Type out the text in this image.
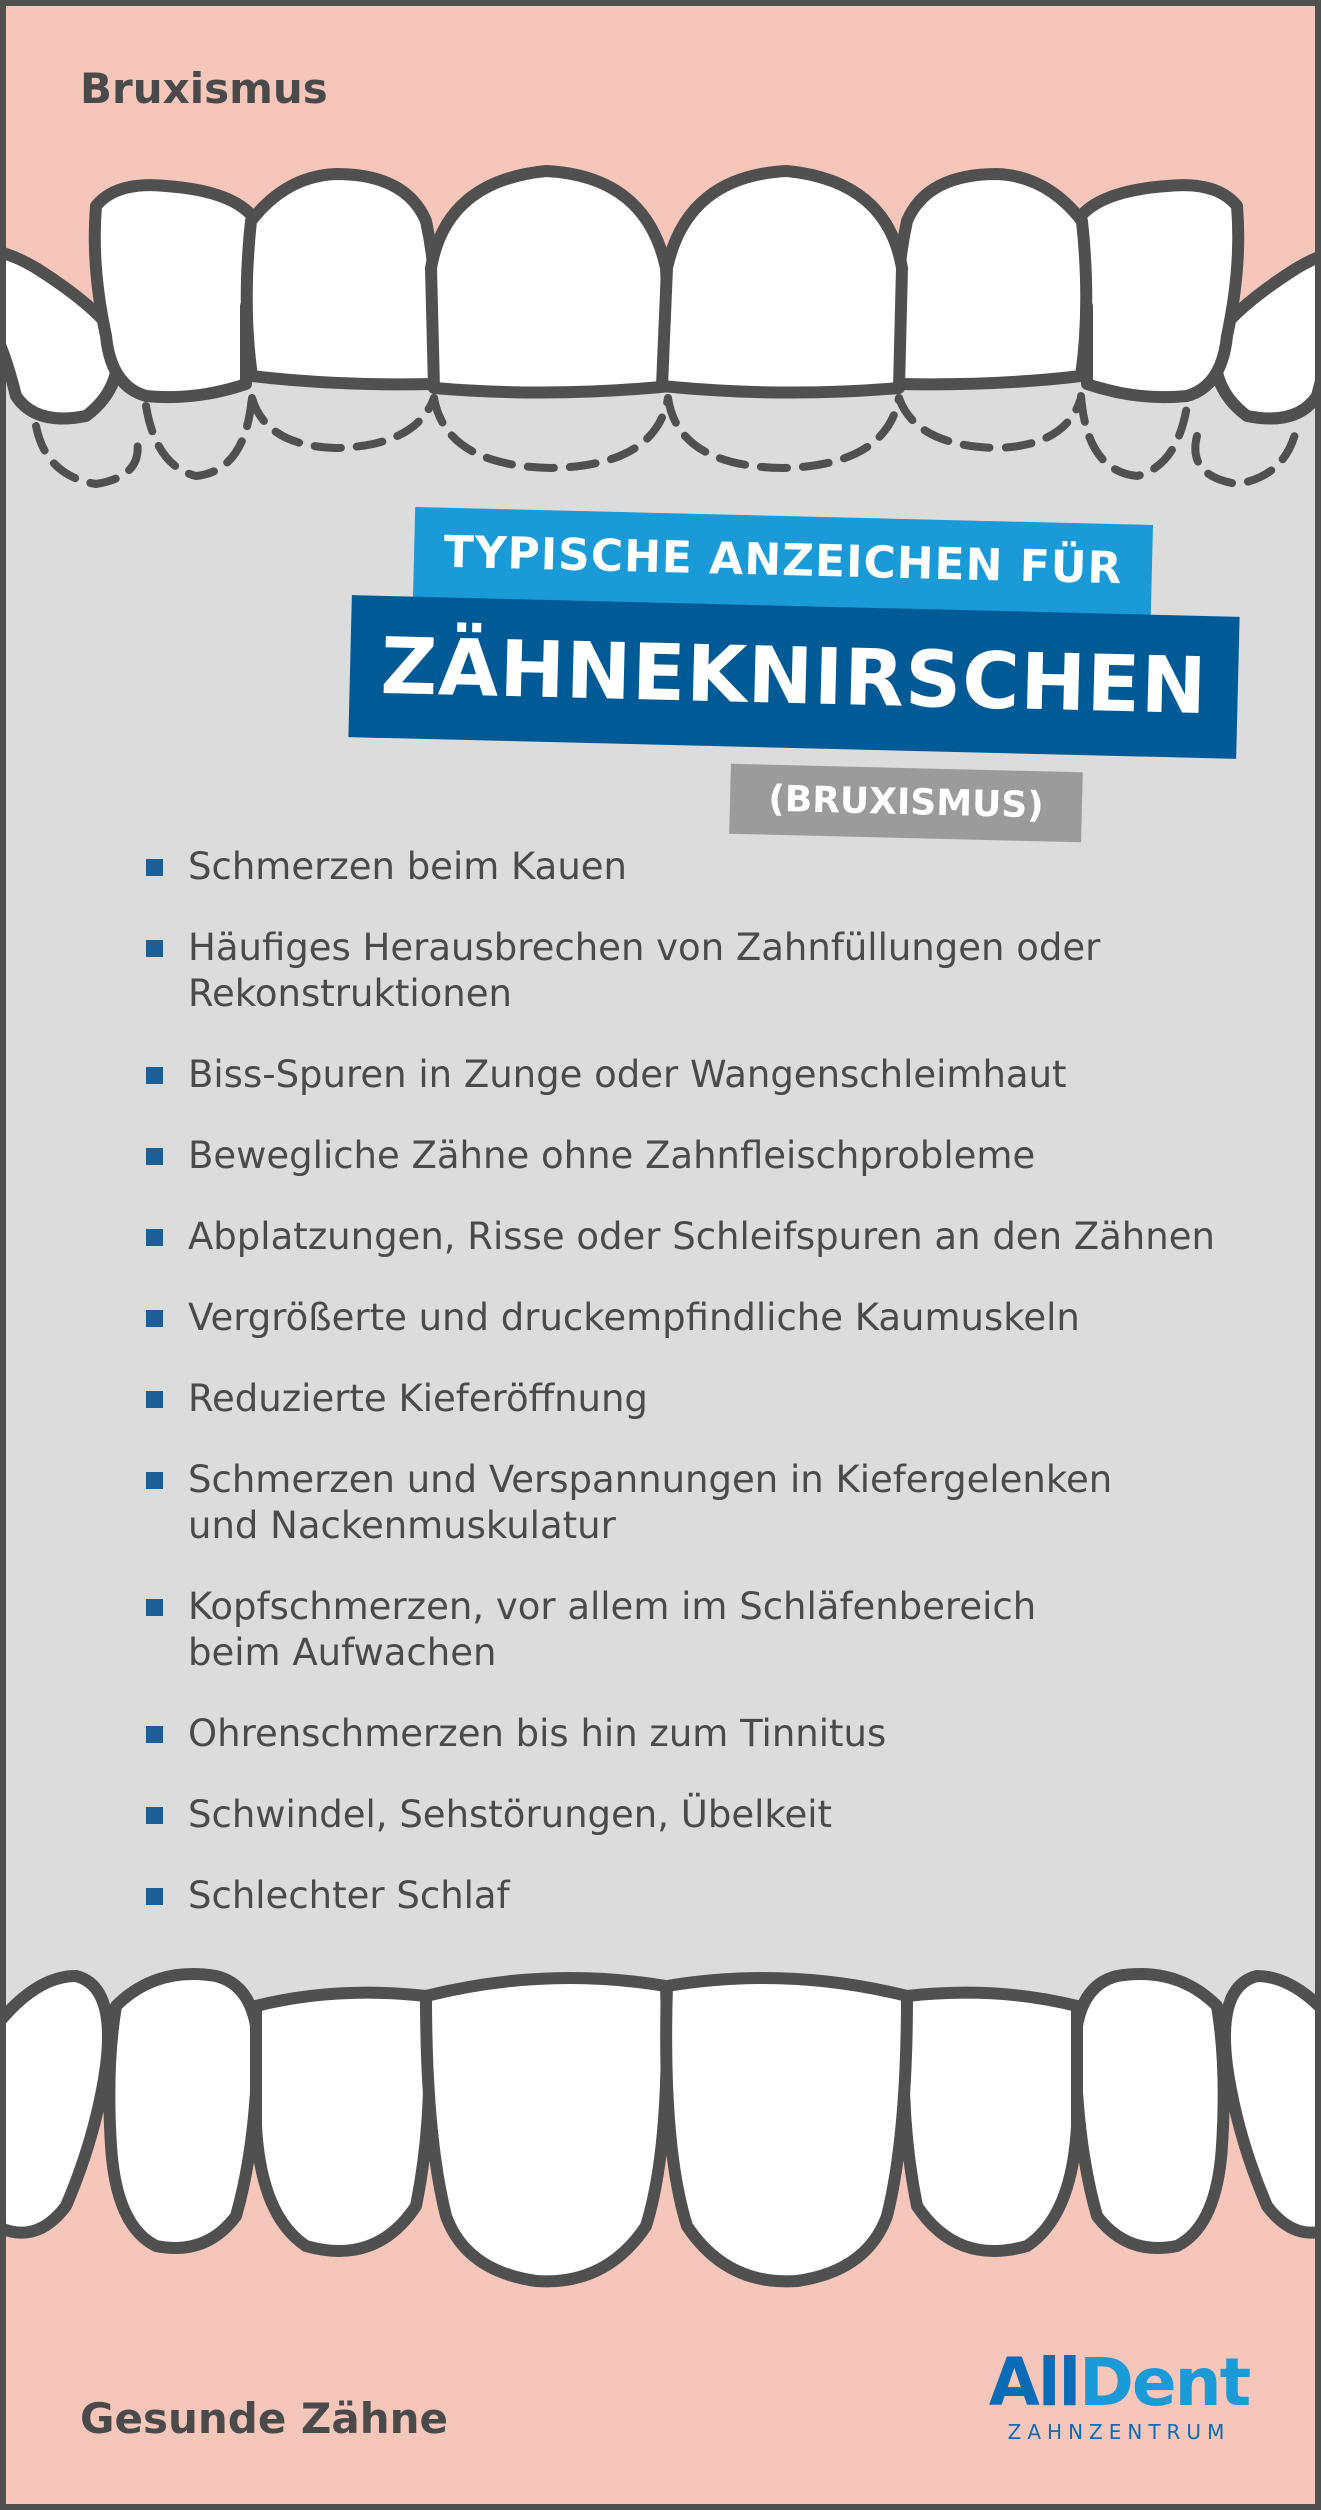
Bruxismus
Gesunde Zähne
TYPISCHE ANZEICHEN FÜR
ZÄHNEKNIRSCHEN
(BRUXISMUS)
Schmerzen beim Kauen
Häufiges Herausbrechen von Zahnfüllungen oder
Rekonstruktionen
Biss-Spuren in Zunge oder Wangenschleimhaut
Bewegliche Zähne ohne Zahnfleischprobleme
Abplatzungen, Risse oder Schleifspuren an den Zähnen
Vergrößerte und druckempfindliche Kaumuskeln
Reduzierte Kieferöffnung
Schmerzen und Verspannungen in Kiefergelenken
und Nackenmuskulatur
Kopfschmerzen, vor allem im Schläfenbereich
beim Aufwachen
Ohrenschmerzen bis hin zum Tinnitus
Schwindel, Sehstörungen, Übelkeit
Schlechter Schlaf
AllDent
ZAHNZENTRUM
